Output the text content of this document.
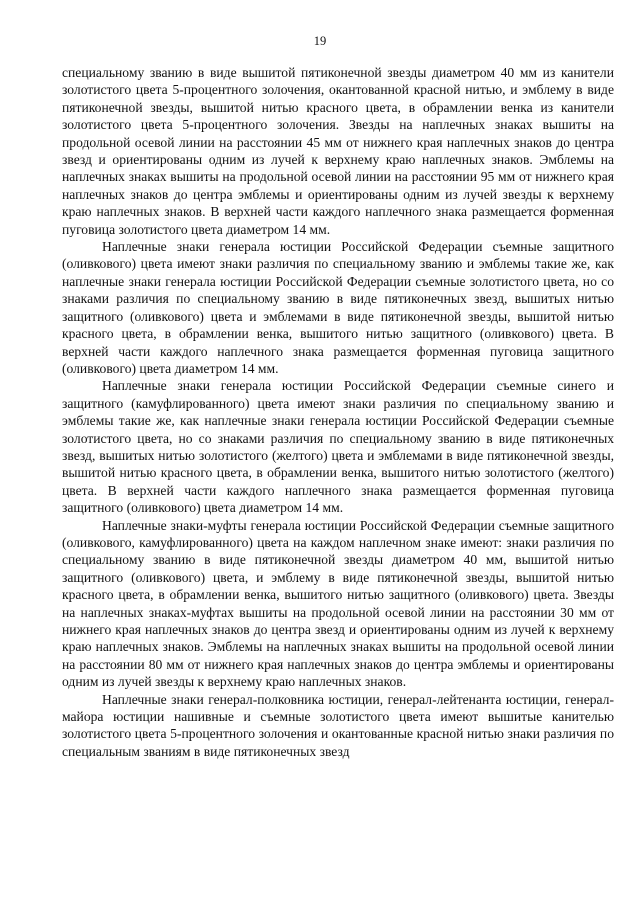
19

специальному званию в виде вышитой пятиконечной звезды диаметром 40 мм из канители золотистого цвета 5-процентного золочения, окантованной красной нитью, и эмблему в виде пятиконечной звезды, вышитой нитью красного цвета, в обрамлении венка из канители золотистого цвета 5-процентного золочения. Звезды на наплечных знаках вышиты на продольной осевой линии на расстоянии 45 мм от нижнего края наплечных знаков до центра звезд и ориентированы одним из лучей к верхнему краю наплечных знаков. Эмблемы на наплечных знаках вышиты на продольной осевой линии на расстоянии 95 мм от нижнего края наплечных знаков до центра эмблемы и ориентированы одним из лучей звезды к верхнему краю наплечных знаков. В верхней части каждого наплечного знака размещается форменная пуговица золотистого цвета диаметром 14 мм.

Наплечные знаки генерала юстиции Российской Федерации съемные защитного (оливкового) цвета имеют знаки различия по специальному званию и эмблемы такие же, как наплечные знаки генерала юстиции Российской Федерации съемные золотистого цвета, но со знаками различия по специальному званию в виде пятиконечных звезд, вышитых нитью защитного (оливкового) цвета и эмблемами в виде пятиконечной звезды, вышитой нитью красного цвета, в обрамлении венка, вышитого нитью защитного (оливкового) цвета. В верхней части каждого наплечного знака размещается форменная пуговица защитного (оливкового) цвета диаметром 14 мм.

Наплечные знаки генерала юстиции Российской Федерации съемные синего и защитного (камуфлированного) цвета имеют знаки различия по специальному званию и эмблемы такие же, как наплечные знаки генерала юстиции Российской Федерации съемные золотистого цвета, но со знаками различия по специальному званию в виде пятиконечных звезд, вышитых нитью золотистого (желтого) цвета и эмблемами в виде пятиконечной звезды, вышитой нитью красного цвета, в обрамлении венка, вышитого нитью золотистого (желтого) цвета. В верхней части каждого наплечного знака размещается форменная пуговица защитного (оливкового) цвета диаметром 14 мм.

Наплечные знаки-муфты генерала юстиции Российской Федерации съемные защитного (оливкового, камуфлированного) цвета на каждом наплечном знаке имеют: знаки различия по специальному званию в виде пятиконечной звезды диаметром 40 мм, вышитой нитью защитного (оливкового) цвета, и эмблему в виде пятиконечной звезды, вышитой нитью красного цвета, в обрамлении венка, вышитого нитью защитного (оливкового) цвета. Звезды на наплечных знаках-муфтах вышиты на продольной осевой линии на расстоянии 30 мм от нижнего края наплечных знаков до центра звезд и ориентированы одним из лучей к верхнему краю наплечных знаков. Эмблемы на наплечных знаках вышиты на продольной осевой линии на расстоянии 80 мм от нижнего края наплечных знаков до центра эмблемы и ориентированы одним из лучей звезды к верхнему краю наплечных знаков.

Наплечные знаки генерал-полковника юстиции, генерал-лейтенанта юстиции, генерал-майора юстиции нашивные и съемные золотистого цвета имеют вышитые канителью золотистого цвета 5-процентного золочения и окантованные красной нитью знаки различия по специальным званиям в виде пятиконечных звезд
